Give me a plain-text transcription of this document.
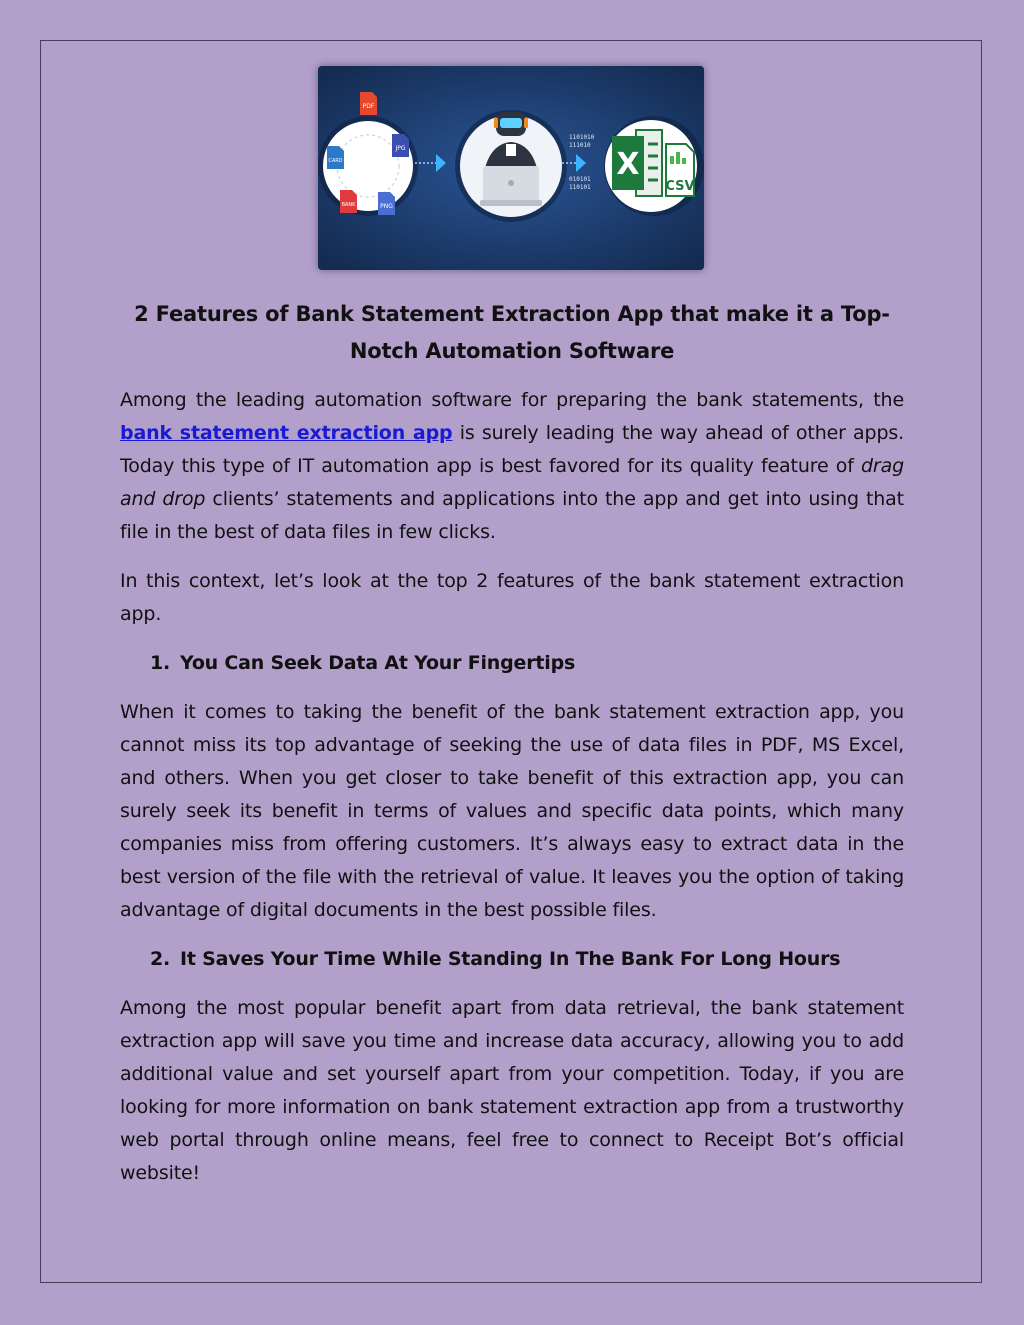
PDF
CARD
JPG
BANK	PNG
1101010
111010
010101
110101
X
CSV
2 Features of Bank Statement Extraction App that make it a Top-Notch Automation Software

Among the leading automation software for preparing the bank statements, the bank statement extraction app is surely leading the way ahead of other apps. Today this type of IT automation app is best favored for its quality feature of drag and drop clients’ statements and applications into the app and get into using that file in the best of data files in few clicks.

In this context, let’s look at the top 2 features of the bank statement extraction app.

1. You Can Seek Data At Your Fingertips

When it comes to taking the benefit of the bank statement extraction app, you cannot miss its top advantage of seeking the use of data files in PDF, MS Excel, and others. When you get closer to take benefit of this extraction app, you can surely seek its benefit in terms of values and specific data points, which many companies miss from offering customers. It’s always easy to extract data in the best version of the file with the retrieval of value. It leaves you the option of taking advantage of digital documents in the best possible files.

2. It Saves Your Time While Standing In The Bank For Long Hours

Among the most popular benefit apart from data retrieval, the bank statement extraction app will save you time and increase data accuracy, allowing you to add additional value and set yourself apart from your competition. Today, if you are looking for more information on bank statement extraction app from a trustworthy web portal through online means, feel free to connect to Receipt Bot’s official website!
